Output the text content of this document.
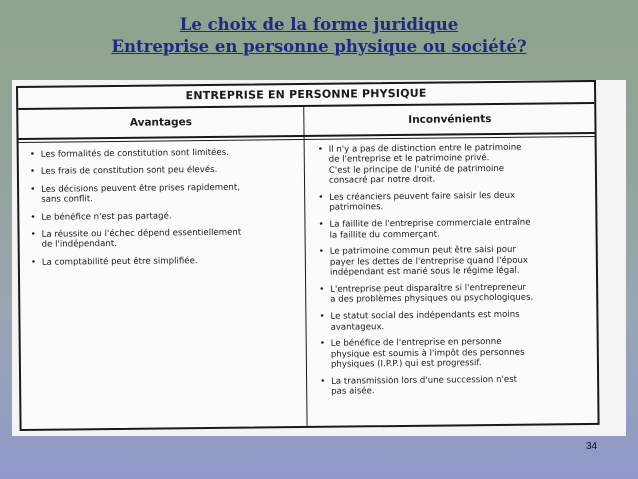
Le choix de la forme juridique
Entreprise en personne physique ou société?
ENTREPRISE EN PERSONNE PHYSIQUE
Avantages	Inconvénients
• Les formalités de constitution sont limitées.
• Les frais de constitution sont peu élevés.
• Les décisions peuvent être prises rapidement,
sans conflit.
• Le bénéfice n'est pas partagé.
• La réussite ou l'échec dépend essentiellement
de l'indépendant.
• La comptabilité peut être simplifiée.
• Il n'y a pas de distinction entre le patrimoine
de l'entreprise et le patrimoine privé.
C'est le principe de l'unité de patrimoine
consacré par notre droit.
• Les créanciers peuvent faire saisir les deux
patrimoines.
• La faillite de l'entreprise commerciale entraîne
la faillite du commerçant.
• Le patrimoine commun peut être saisi pour
payer les dettes de l'entreprise quand l'époux
indépendant est marié sous le régime légal.
• L'entreprise peut disparaître si l'entrepreneur
a des problèmes physiques ou psychologiques.
• Le statut social des indépendants est moins
avantageux.
• Le bénéfice de l'entreprise en personne
physique est soumis à l'impôt des personnes
physiques (I.P.P.) qui est progressif.
• La transmission lors d'une succession n'est
pas aisée.
34
